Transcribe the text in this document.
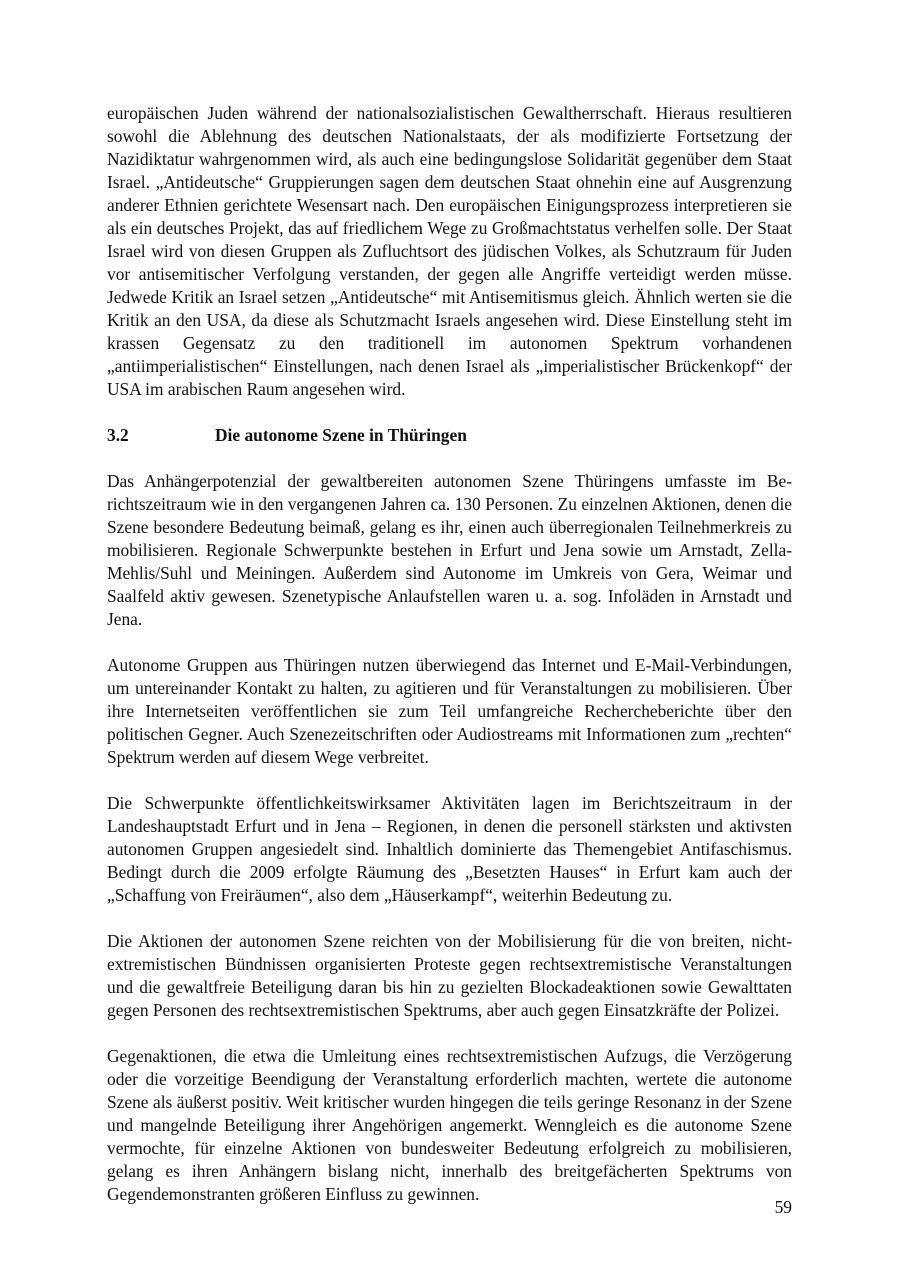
europäischen Juden während der nationalsozialistischen Gewaltherrschaft. Hieraus resultieren sowohl die Ablehnung des deutschen Nationalstaats, der als modifizierte Fortsetzung der Nazidiktatur wahrgenommen wird, als auch eine bedingungslose Solidarität gegenüber dem Staat Israel. „Antideutsche“ Gruppierungen sagen dem deutschen Staat ohnehin eine auf Ausgrenzung anderer Ethnien gerichtete Wesensart nach. Den europäischen Einigungsprozess interpretieren sie als ein deutsches Projekt, das auf friedlichem Wege zu Großmachtstatus verhelfen solle. Der Staat Israel wird von diesen Gruppen als Zufluchtsort des jüdischen Volkes, als Schutzraum für Juden vor antisemitischer Verfolgung verstanden, der gegen alle Angriffe verteidigt werden müsse. Jedwede Kritik an Israel setzen „Antideutsche“ mit Antisemitismus gleich. Ähnlich werten sie die Kritik an den USA, da diese als Schutzmacht Israels angesehen wird. Diese Einstellung steht im krassen Gegensatz zu den traditionell im autonomen Spektrum vorhandenen „antiimperialistischen“ Einstellungen, nach denen Israel als „imperialistischer Brückenkopf“ der USA im arabischen Raum angesehen wird.

3.2	Die autonome Szene in Thüringen

Das Anhängerpotenzial der gewaltbereiten autonomen Szene Thüringens umfasste im Berichtszeitraum wie in den vergangenen Jahren ca. 130 Personen. Zu einzelnen Aktionen, denen die Szene besondere Bedeutung beimaß, gelang es ihr, einen auch überregionalen Teilnehmerkreis zu mobilisieren. Regionale Schwerpunkte bestehen in Erfurt und Jena sowie um Arnstadt, Zella-Mehlis/Suhl und Meiningen. Außerdem sind Autonome im Umkreis von Gera, Weimar und Saalfeld aktiv gewesen. Szenetypische Anlaufstellen waren u. a. sog. Infoläden in Arnstadt und Jena.

Autonome Gruppen aus Thüringen nutzen überwiegend das Internet und E-Mail-Verbindungen, um untereinander Kontakt zu halten, zu agitieren und für Veranstaltungen zu mobilisieren. Über ihre Internetseiten veröffentlichen sie zum Teil umfangreiche Rechercheberichte über den politischen Gegner. Auch Szenezeitschriften oder Audiostreams mit Informationen zum „rechten“ Spektrum werden auf diesem Wege verbreitet.

Die Schwerpunkte öffentlichkeitswirksamer Aktivitäten lagen im Berichtszeitraum in der Landeshauptstadt Erfurt und in Jena – Regionen, in denen die personell stärksten und aktivsten autonomen Gruppen angesiedelt sind. Inhaltlich dominierte das Themengebiet Antifaschismus. Bedingt durch die 2009 erfolgte Räumung des „Besetzten Hauses“ in Erfurt kam auch der „Schaffung von Freiräumen“, also dem „Häuserkampf“, weiterhin Bedeutung zu.

Die Aktionen der autonomen Szene reichten von der Mobilisierung für die von breiten, nichtextremistischen Bündnissen organisierten Proteste gegen rechtsextremistische Veranstaltungen und die gewaltfreie Beteiligung daran bis hin zu gezielten Blockadeaktionen sowie Gewalttaten gegen Personen des rechtsextremistischen Spektrums, aber auch gegen Einsatzkräfte der Polizei.

Gegenaktionen, die etwa die Umleitung eines rechtsextremistischen Aufzugs, die Verzögerung oder die vorzeitige Beendigung der Veranstaltung erforderlich machten, wertete die autonome Szene als äußerst positiv. Weit kritischer wurden hingegen die teils geringe Resonanz in der Szene und mangelnde Beteiligung ihrer Angehörigen angemerkt. Wenngleich es die autonome Szene vermochte, für einzelne Aktionen von bundesweiter Bedeutung erfolgreich zu mobilisieren, gelang es ihren Anhängern bislang nicht, innerhalb des breitgefächerten Spektrums von Gegendemonstranten größeren Einfluss zu gewinnen.

59
